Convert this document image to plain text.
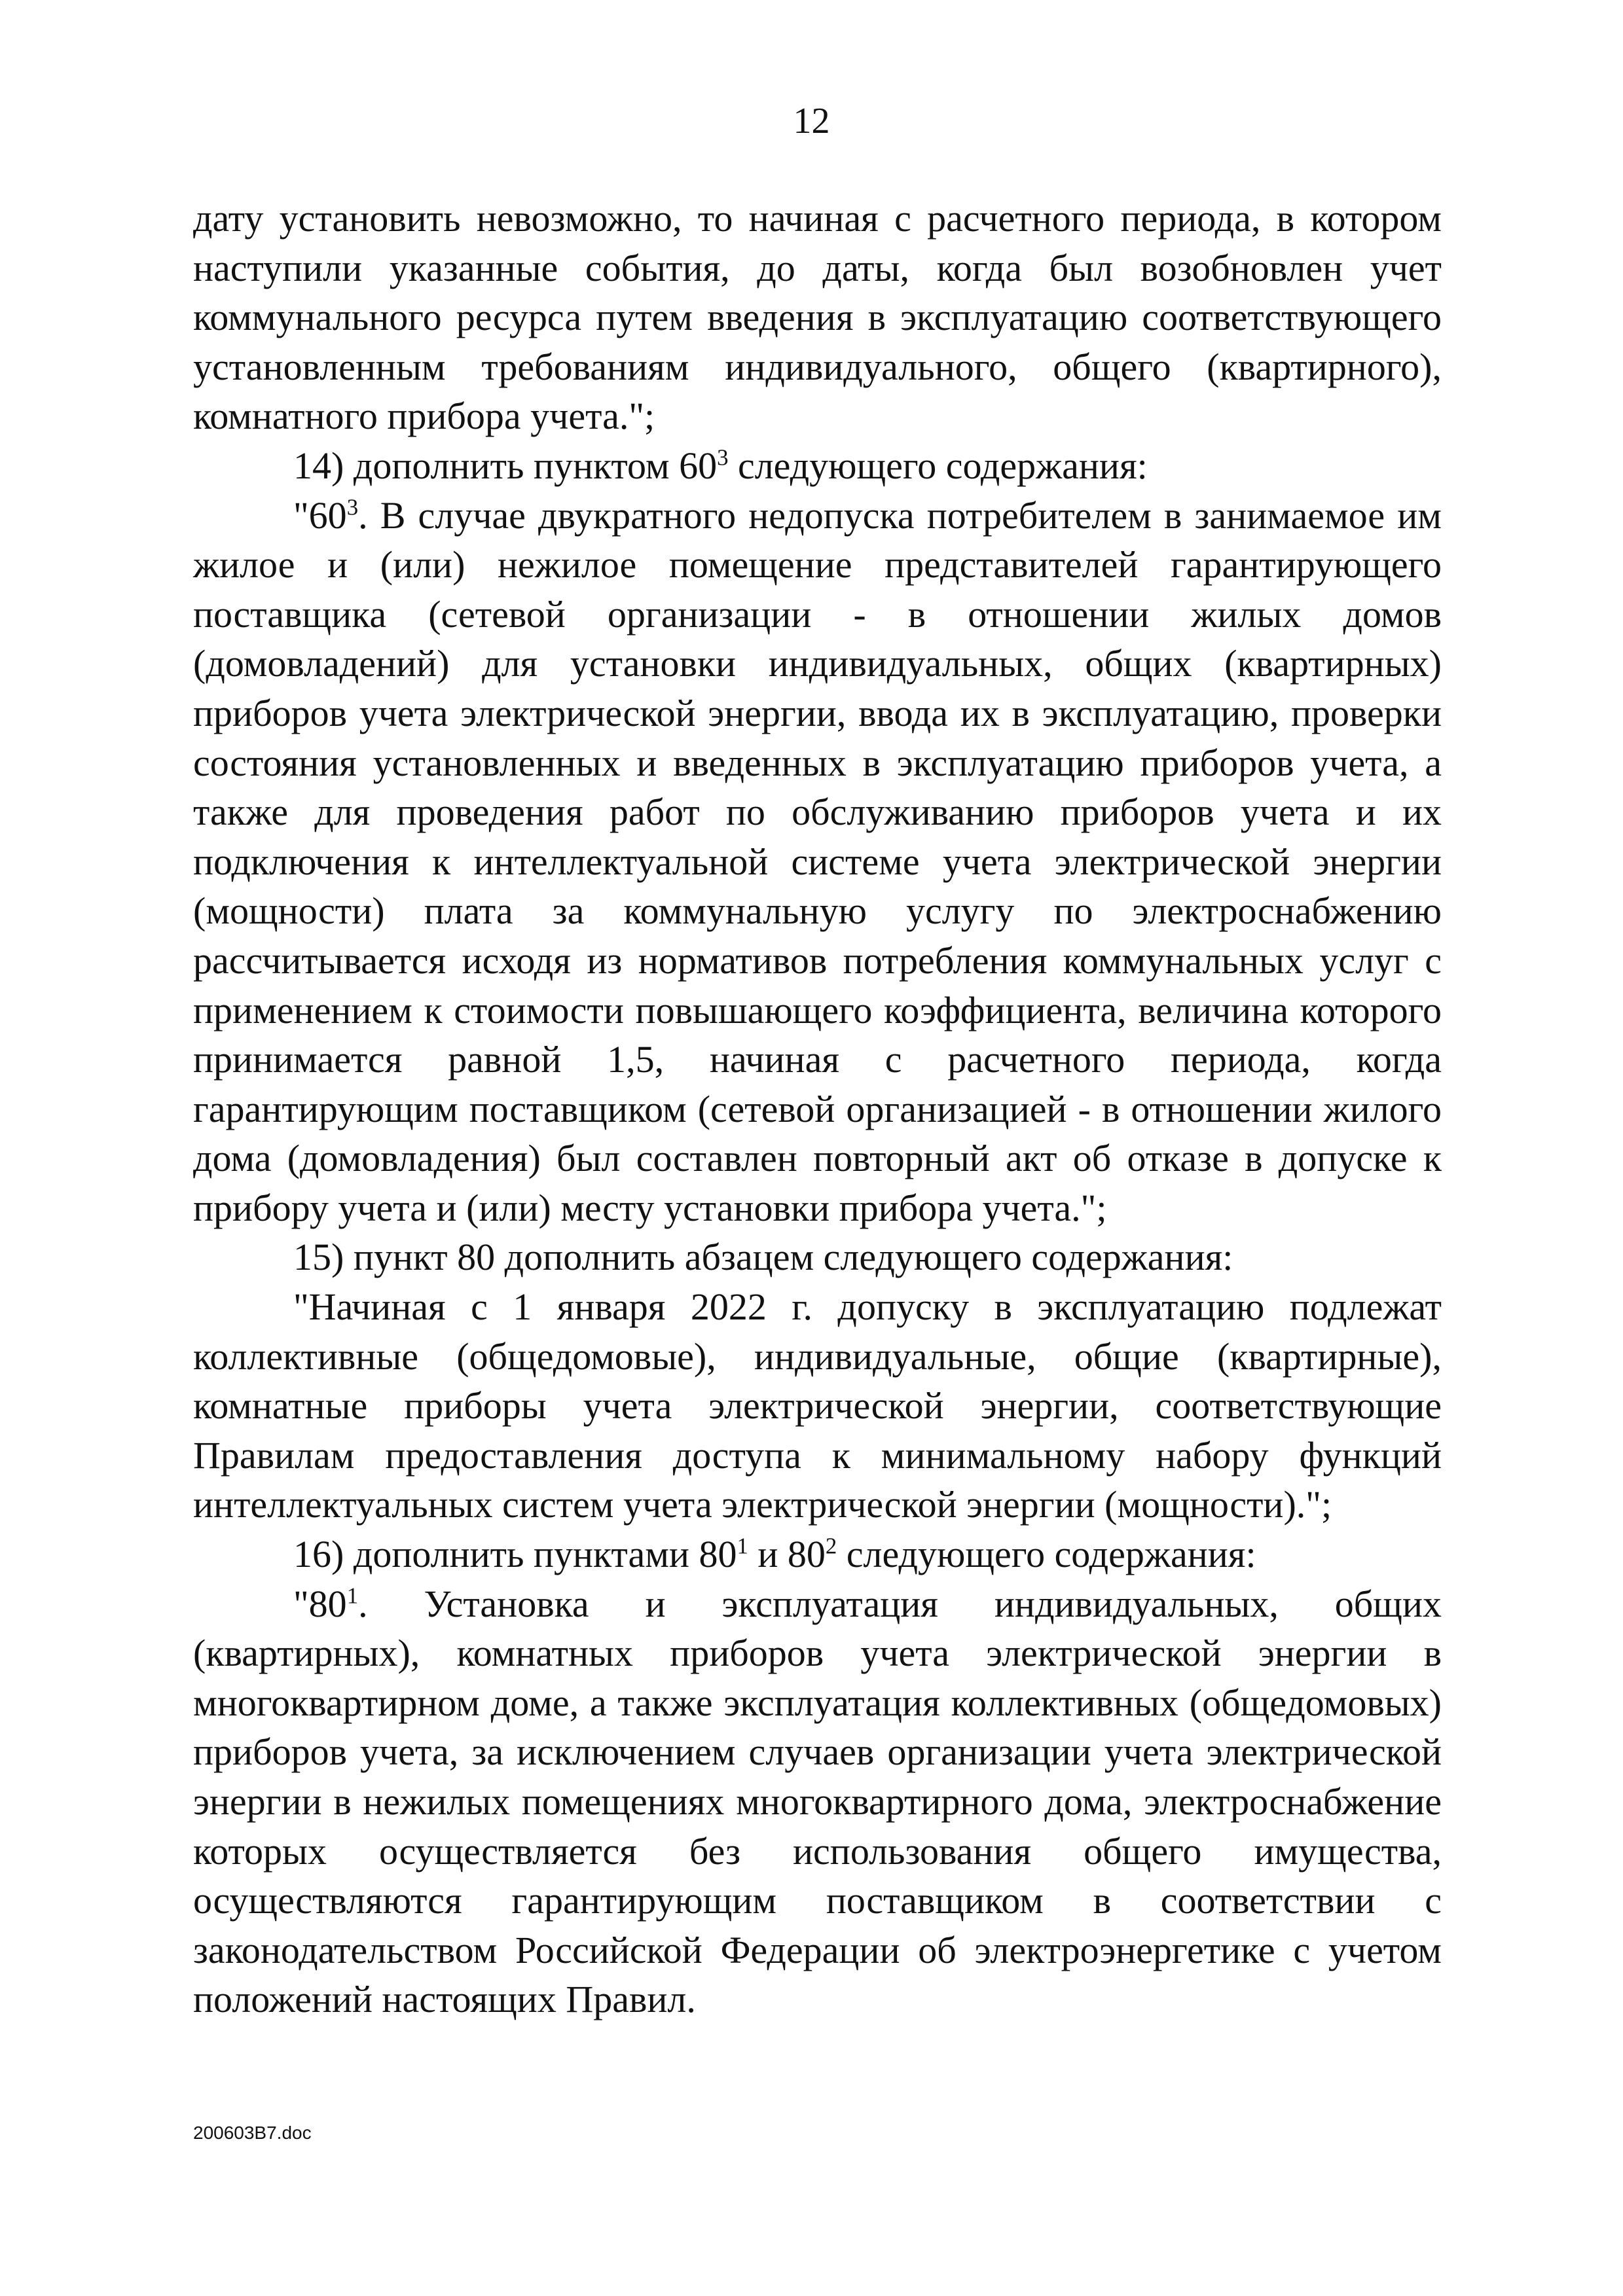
12

дату установить невозможно, то начиная с расчетного периода, в котором наступили указанные события, до даты, когда был возобновлен учет коммунального ресурса путем введения в эксплуатацию соответствующего установленным требованиям индивидуального, общего (квартирного), комнатного прибора учета.";

14) дополнить пунктом $60^3$ следующего содержания:

"$60^3$. В случае двукратного недопуска потребителем в занимаемое им жилое и (или) нежилое помещение представителей гарантирующего поставщика (сетевой организации - в отношении жилых домов (домовладений) для установки индивидуальных, общих (квартирных) приборов учета электрической энергии, ввода их в эксплуатацию, проверки состояния установленных и введенных в эксплуатацию приборов учета, а также для проведения работ по обслуживанию приборов учета и их подключения к интеллектуальной системе учета электрической энергии (мощности) плата за коммунальную услугу по электроснабжению рассчитывается исходя из нормативов потребления коммунальных услуг с применением к стоимости повышающего коэффициента, величина которого принимается равной 1,5, начиная с расчетного периода, когда гарантирующим поставщиком (сетевой организацией - в отношении жилого дома (домовладения) был составлен повторный акт об отказе в допуске к прибору учета и (или) месту установки прибора учета.";

15) пункт 80 дополнить абзацем следующего содержания:

"Начиная с 1 января 2022 г. допуску в эксплуатацию подлежат коллективные (общедомовые), индивидуальные, общие (квартирные), комнатные приборы учета электрической энергии, соответствующие Правилам предоставления доступа к минимальному набору функций интеллектуальных систем учета электрической энергии (мощности).";

16) дополнить пунктами $80^1$ и $80^2$ следующего содержания:

"$80^1$. Установка и эксплуатация индивидуальных, общих (квартирных), комнатных приборов учета электрической энергии в многоквартирном доме, а также эксплуатация коллективных (общедомовых) приборов учета, за исключением случаев организации учета электрической энергии в нежилых помещениях многоквартирного дома, электроснабжение которых осуществляется без использования общего имущества, осуществляются гарантирующим поставщиком в соответствии с законодательством Российской Федерации об электроэнергетике с учетом положений настоящих Правил.

200603B7.doc
